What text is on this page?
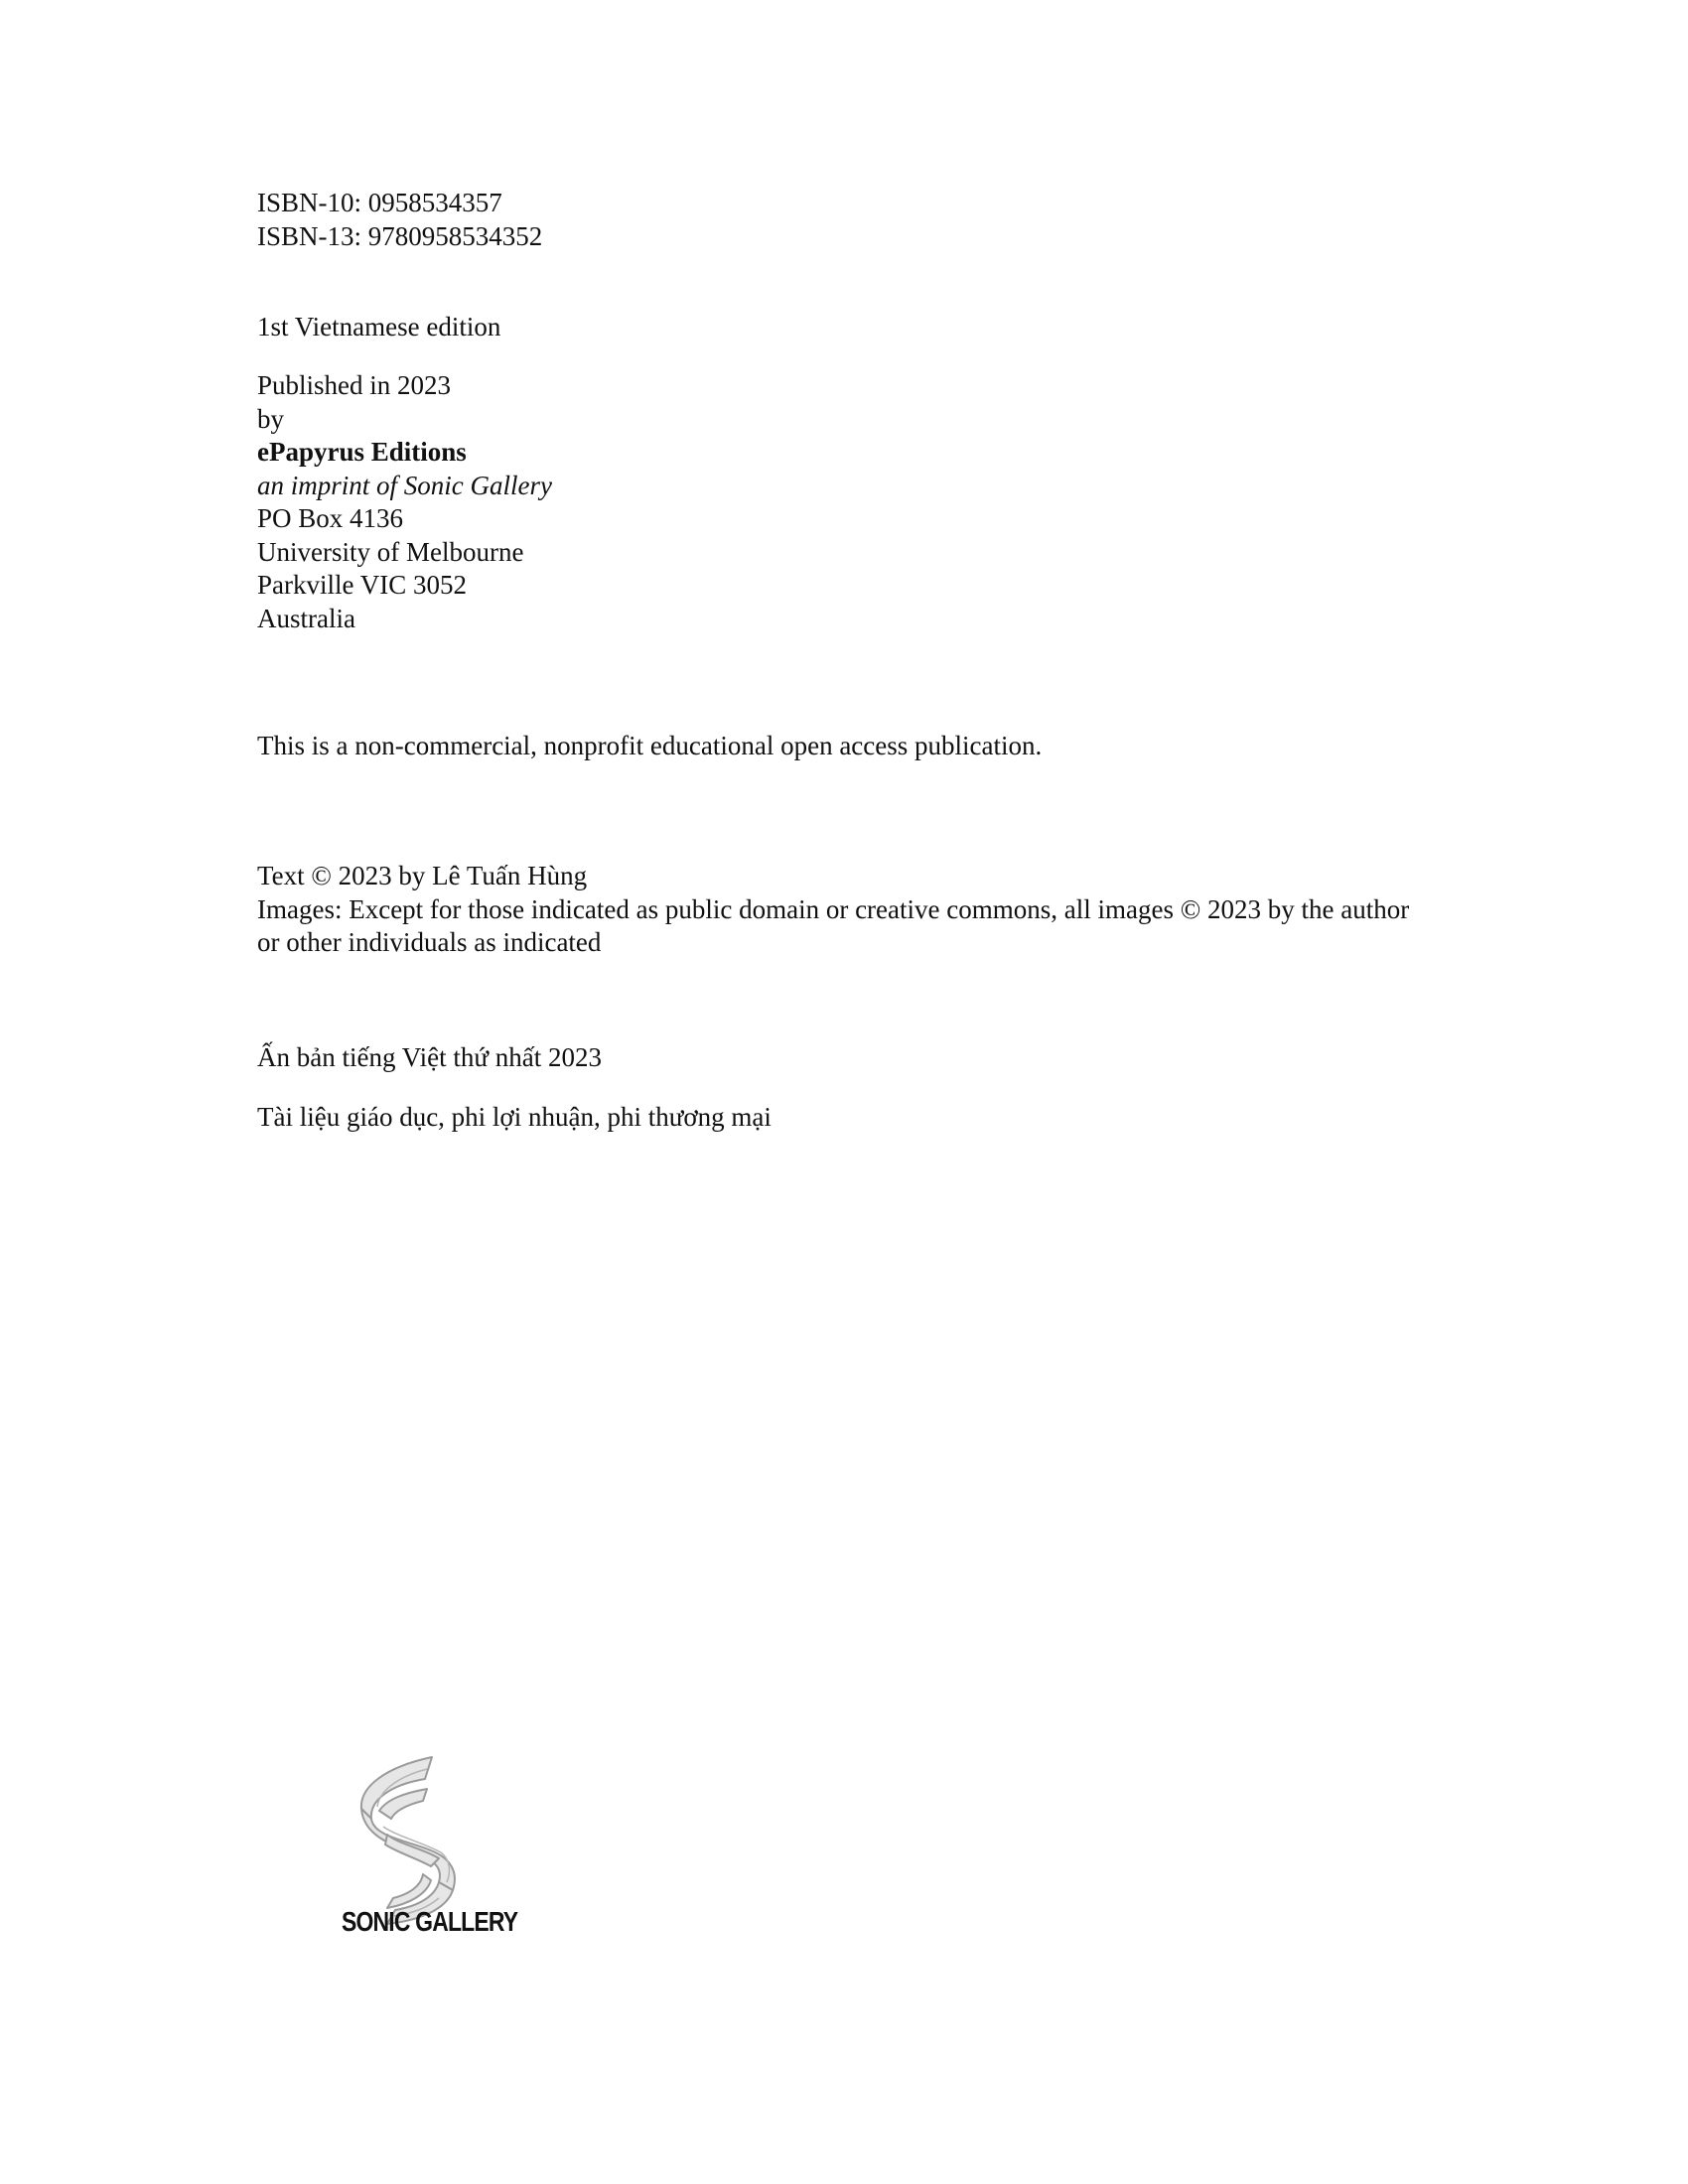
ISBN-10: 0958534357
ISBN-13: 9780958534352
1st Vietnamese edition
Published in 2023
by
ePapyrus Editions
an imprint of Sonic Gallery
PO Box 4136
University of Melbourne
Parkville VIC 3052
Australia
This is a non-commercial, nonprofit educational open access publication.
Text © 2023 by Lê Tuấn Hùng
Images: Except for those indicated as public domain or creative commons, all images © 2023 by the author or other individuals as indicated
Ấn bản tiếng Việt thứ nhất 2023
Tài liệu giáo dục, phi lợi nhuận, phi thương mại
SONIC GALLERY
